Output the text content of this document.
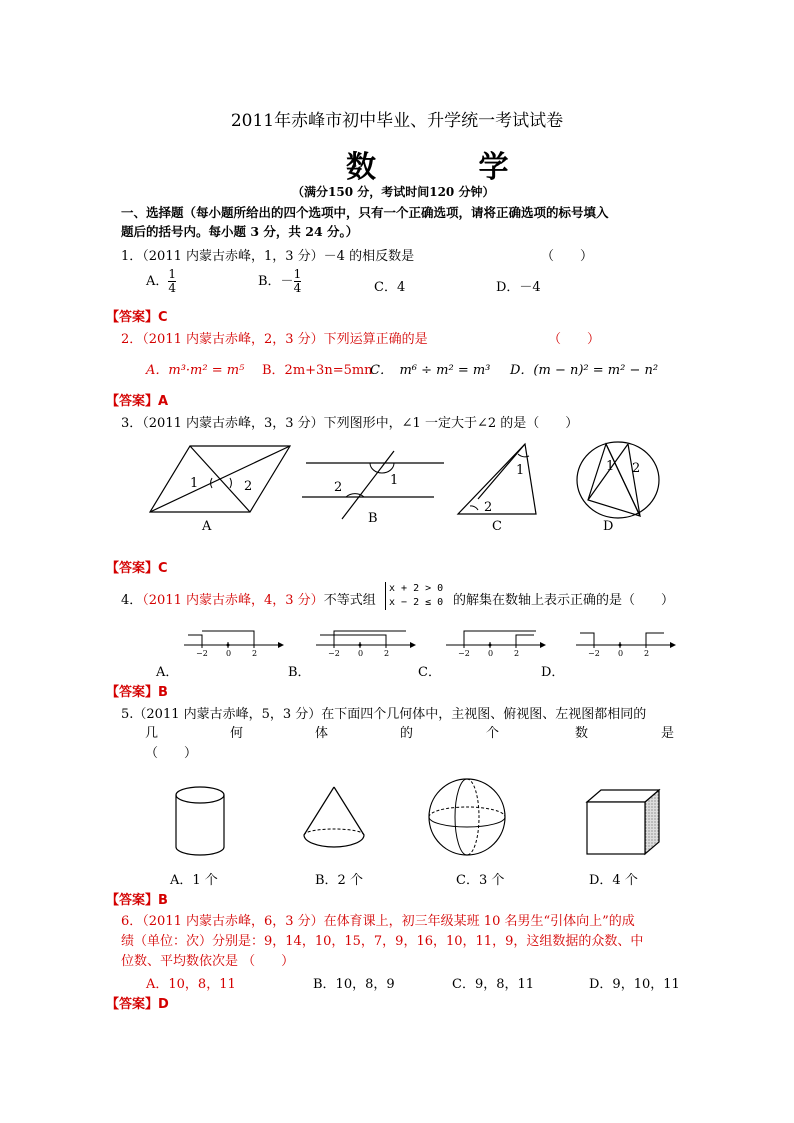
2011年赤峰市初中毕业、升学统一考试试卷
数 学
（满分150 分，考试时间120 分钟）
一、选择题（每小题所给出的四个选项中，只有一个正确选项，请将正确选项的标号填入
题后的括号内。每小题 3 分，共 24 分。）
1．（2011 内蒙古赤峰，1，3 分）－4 的相反数是	（　　）
A． $\frac{1}{4}$	B．－ $\frac{1}{4}$	C．4	D．－4
【答案】C
2．（2011 内蒙古赤峰，2，3 分）下列运算正确的是	（　　）
A．m³·m² = m⁵ B．2m+3n=5mn
C．　m⁶ ÷ m² = m³ D．(m − n)² = m² − n²
【答案】A
3．（2011 内蒙古赤峰，3，3 分）下列图形中，∠1 一定大于∠2 的是（　　）
1	2
A
1
2
B
1
2
C
1 2
D
【答案】C
4．（2011 内蒙古赤峰，4，3 分）不等式组
x + 2 > 0
x − 2 ≤ 0 的解集在数轴上表示正确的是（　　）
−2 0	2
A．
−2 0	2
B．
−2 0	2
C．
−2 0	2
D．
【答案】B
5.（2011 内蒙古赤峰，5，3 分）在下面四个几何体中，主视图、俯视图、左视图都相同的
几	何	体	的	个	数	是
（　　）
A．1 个	B．2 个	C．3 个	D．4 个
【答案】B
6．（2011 内蒙古赤峰，6，3 分）在体育课上，初三年级某班 10 名男生“引体向上”的成
绩（单位：次）分别是：9，14，10，15，7，9，16，10，11，9，这组数据的众数、中
位数、平均数依次是 （　　）
A．10，8，11	B．10，8，9	C．9，8，11	D．9，10，11
【答案】D
